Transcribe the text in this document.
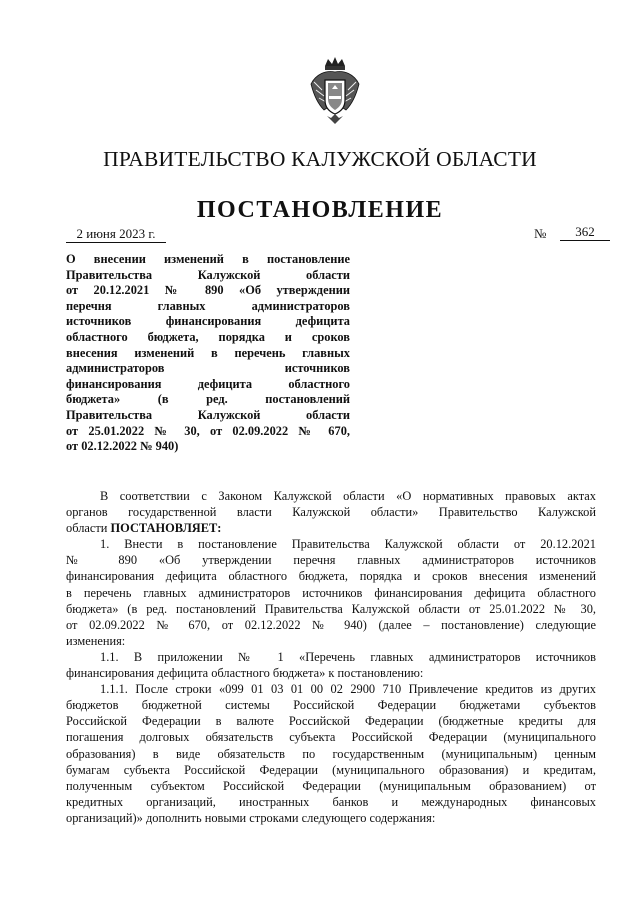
ПРАВИТЕЛЬСТВО КАЛУЖСКОЙ ОБЛАСТИ
ПОСТАНОВЛЕНИЕ
2 июня 2023 г.	№	362
О внесении изменений в постановление
Правительства Калужской области
от 20.12.2021 № 890 «Об утверждении
перечня главных администраторов
источников финансирования дефицита
областного бюджета, порядка и сроков
внесения изменений в перечень главных
администраторов источников
финансирования дефицита областного
бюджета» (в ред. постановлений
Правительства Калужской области
от 25.01.2022 № 30, от 02.09.2022 № 670,
от 02.12.2022 № 940)
В соответствии с Законом Калужской области «О нормативных правовых актах
органов государственной власти Калужской области» Правительство Калужской
области ПОСТАНОВЛЯЕТ:
1. Внести в постановление Правительства Калужской области от 20.12.2021
№ 890 «Об утверждении перечня главных администраторов источников
финансирования дефицита областного бюджета, порядка и сроков внесения изменений
в перечень главных администраторов источников финансирования дефицита областного
бюджета» (в ред. постановлений Правительства Калужской области от 25.01.2022 № 30,
от 02.09.2022 № 670, от 02.12.2022 № 940) (далее – постановление) следующие
изменения:
1.1. В приложении № 1 «Перечень главных администраторов источников
финансирования дефицита областного бюджета» к постановлению:
1.1.1. После строки «099 01 03 01 00 02 2900 710 Привлечение кредитов из других
бюджетов бюджетной системы Российской Федерации бюджетами субъектов
Российской Федерации в валюте Российской Федерации (бюджетные кредиты для
погашения долговых обязательств субъекта Российской Федерации (муниципального
образования) в виде обязательств по государственным (муниципальным) ценным
бумагам субъекта Российской Федерации (муниципального образования) и кредитам,
полученным субъектом Российской Федерации (муниципальным образованием) от
кредитных организаций, иностранных банков и международных финансовых
организаций)» дополнить новыми строками следующего содержания:
